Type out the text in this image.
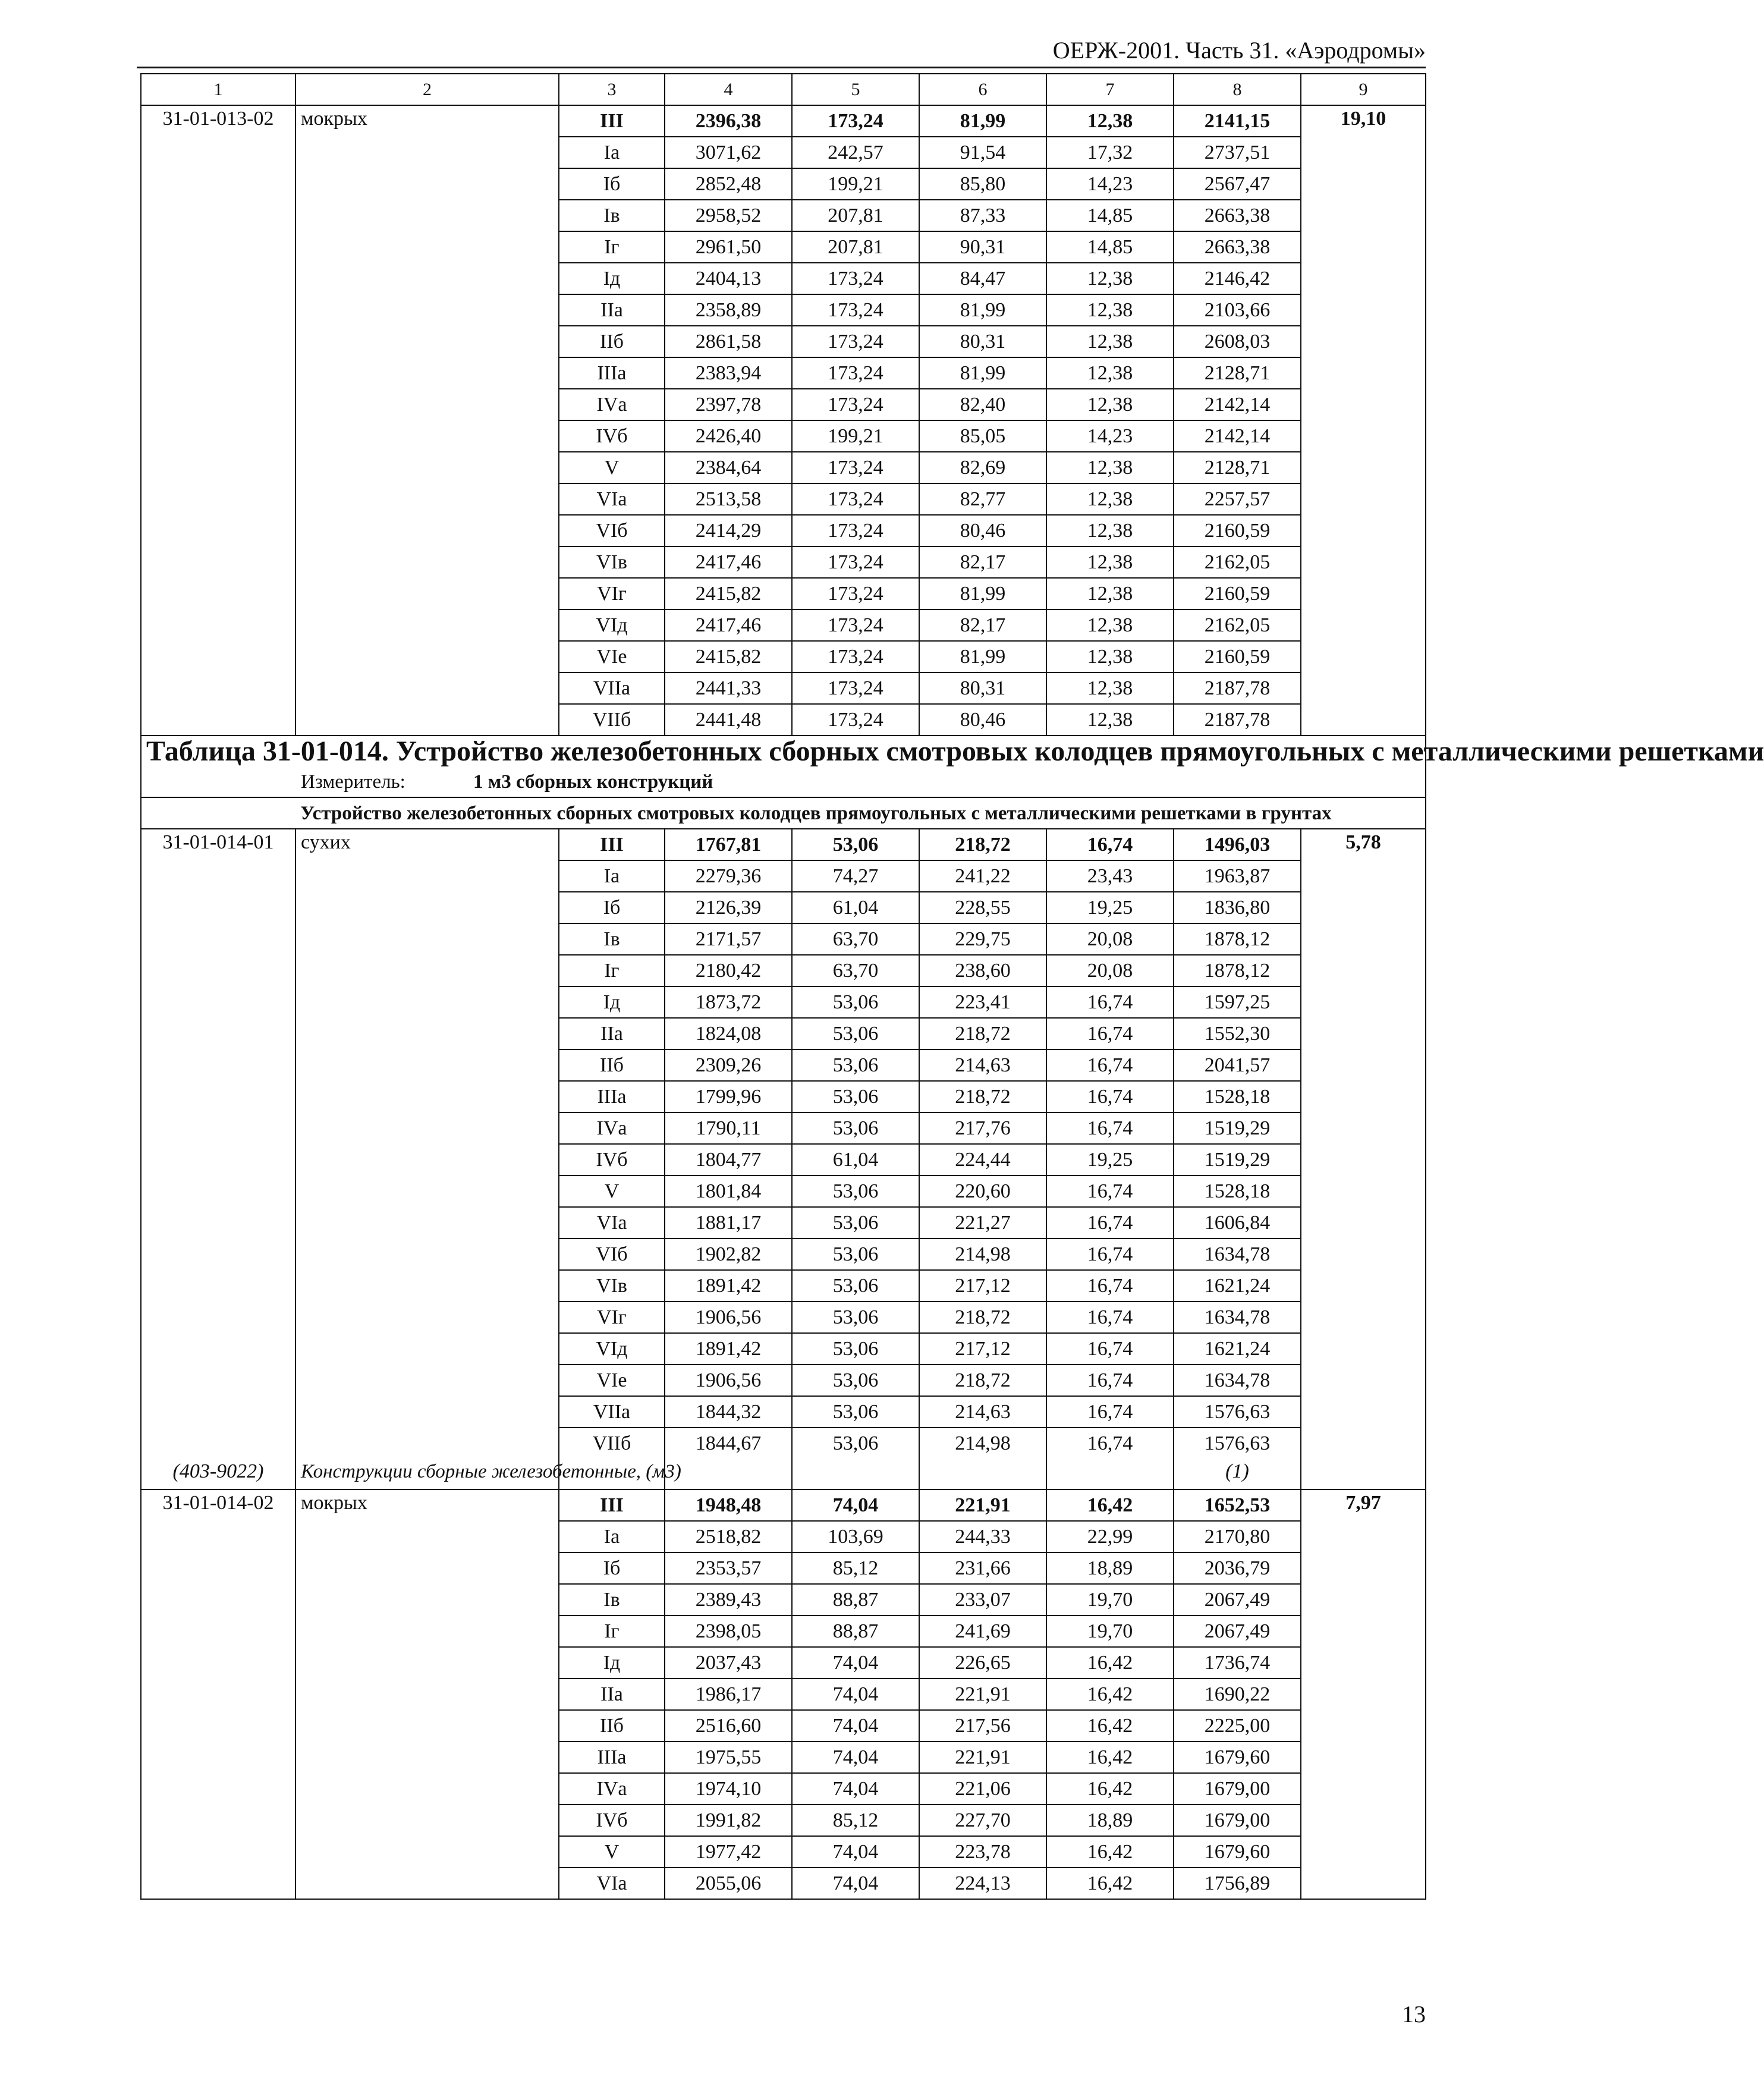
ОЕРЖ-2001. Часть 31. «Аэродромы»
1	2	3	4	5	6	7	8	9
31-01-013-02	мокрых	III	2396,38	173,24	81,99	12,38	2141,15	19,10
		Iа	3071,62	242,57	91,54	17,32	2737,51	
		Iб	2852,48	199,21	85,80	14,23	2567,47	
		Iв	2958,52	207,81	87,33	14,85	2663,38	
		Iг	2961,50	207,81	90,31	14,85	2663,38	
		Iд	2404,13	173,24	84,47	12,38	2146,42	
		IIа	2358,89	173,24	81,99	12,38	2103,66	
		IIб	2861,58	173,24	80,31	12,38	2608,03	
		IIIа	2383,94	173,24	81,99	12,38	2128,71	
		IVа	2397,78	173,24	82,40	12,38	2142,14	
		IVб	2426,40	199,21	85,05	14,23	2142,14	
		V	2384,64	173,24	82,69	12,38	2128,71	
		VIа	2513,58	173,24	82,77	12,38	2257,57	
		VIб	2414,29	173,24	80,46	12,38	2160,59	
		VIв	2417,46	173,24	82,17	12,38	2162,05	
		VIг	2415,82	173,24	81,99	12,38	2160,59	
		VIд	2417,46	173,24	82,17	12,38	2162,05	
		VIе	2415,82	173,24	81,99	12,38	2160,59	
		VIIа	2441,33	173,24	80,31	12,38	2187,78	
		VIIб	2441,48	173,24	80,46	12,38	2187,78	
Таблица 31-01-014. Устройство железобетонных сборных смотровых колодцев прямоугольных с металлическими решетками								
Измеритель: 1 м3 сборных конструкций								
	Устройство железобетонных сборных смотровых колодцев прямоугольных с металлическими решетками в грунтах							
31-01-014-01	сухих	III	1767,81	53,06	218,72	16,74	1496,03	5,78
		Iа	2279,36	74,27	241,22	23,43	1963,87	
		Iб	2126,39	61,04	228,55	19,25	1836,80	
		Iв	2171,57	63,70	229,75	20,08	1878,12	
		Iг	2180,42	63,70	238,60	20,08	1878,12	
		Iд	1873,72	53,06	223,41	16,74	1597,25	
		IIа	1824,08	53,06	218,72	16,74	1552,30	
		IIб	2309,26	53,06	214,63	16,74	2041,57	
		IIIа	1799,96	53,06	218,72	16,74	1528,18	
		IVа	1790,11	53,06	217,76	16,74	1519,29	
		IVб	1804,77	61,04	224,44	19,25	1519,29	
		V	1801,84	53,06	220,60	16,74	1528,18	
		VIа	1881,17	53,06	221,27	16,74	1606,84	
		VIб	1902,82	53,06	214,98	16,74	1634,78	
		VIв	1891,42	53,06	217,12	16,74	1621,24	
		VIг	1906,56	53,06	218,72	16,74	1634,78	
		VIд	1891,42	53,06	217,12	16,74	1621,24	
		VIе	1906,56	53,06	218,72	16,74	1634,78	
		VIIа	1844,32	53,06	214,63	16,74	1576,63	
		VIIб	1844,67	53,06	214,98	16,74	1576,63	
(403-9022)	Конструкции сборные железобетонные, (м3)						(1)	
31-01-014-02	мокрых	III	1948,48	74,04	221,91	16,42	1652,53	7,97
		Iа	2518,82	103,69	244,33	22,99	2170,80	
		Iб	2353,57	85,12	231,66	18,89	2036,79	
		Iв	2389,43	88,87	233,07	19,70	2067,49	
		Iг	2398,05	88,87	241,69	19,70	2067,49	
		Iд	2037,43	74,04	226,65	16,42	1736,74	
		IIа	1986,17	74,04	221,91	16,42	1690,22	
		IIб	2516,60	74,04	217,56	16,42	2225,00	
		IIIа	1975,55	74,04	221,91	16,42	1679,60	
		IVа	1974,10	74,04	221,06	16,42	1679,00	
		IVб	1991,82	85,12	227,70	18,89	1679,00	
		V	1977,42	74,04	223,78	16,42	1679,60	
		VIа	2055,06	74,04	224,13	16,42	1756,89	
13
